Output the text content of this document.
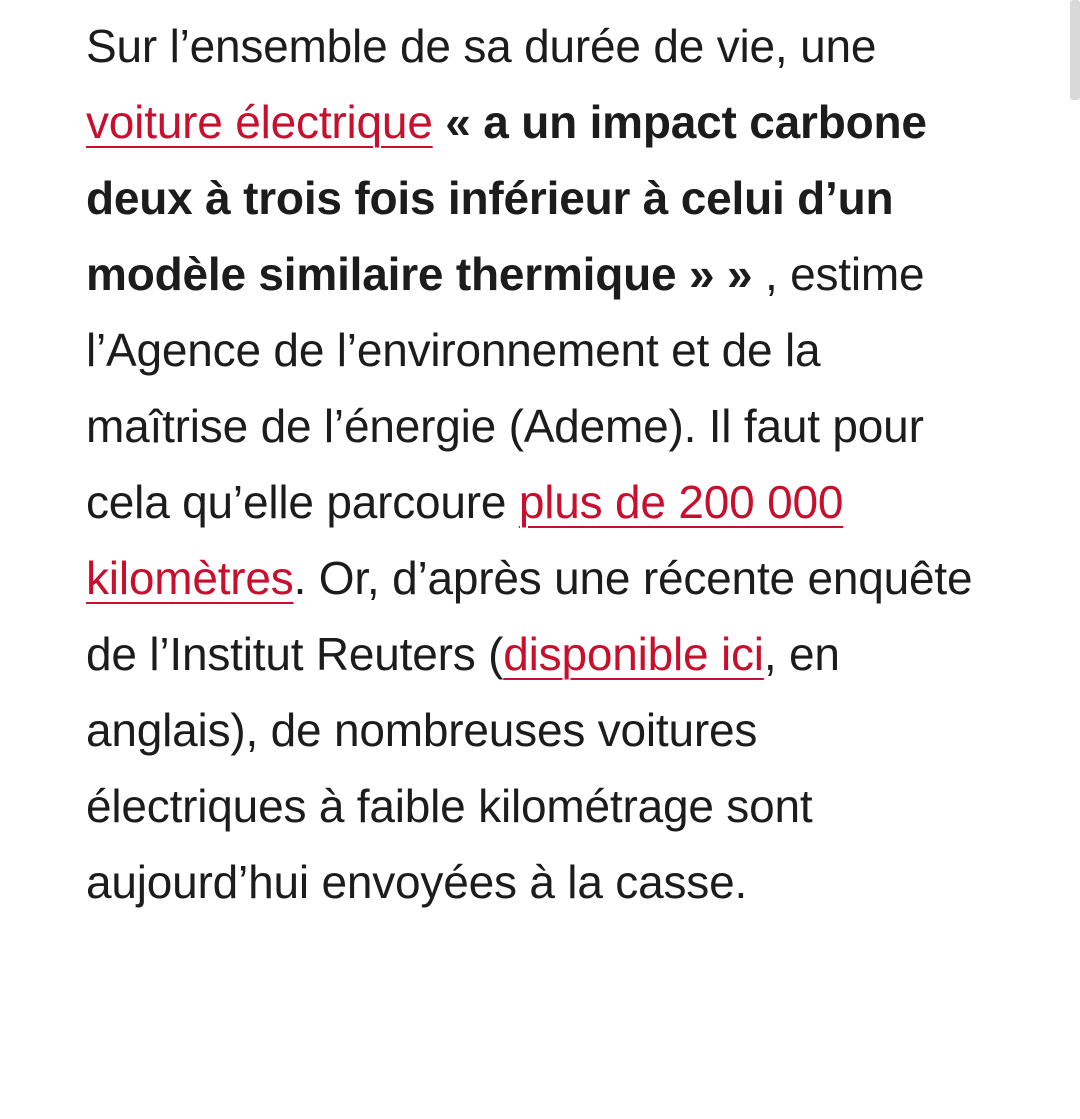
Sur l’ensemble de sa durée de vie, une voiture électrique « a un impact carbone deux à trois fois inférieur à celui d’un modèle similaire thermique » » , estime l’Agence de l’environnement et de la maîtrise de l’énergie (Ademe). Il faut pour cela qu’elle parcoure plus de 200 000 kilomètres. Or, d’après une récente enquête de l’Institut Reuters (disponible ici, en anglais), de nombreuses voitures électriques à faible kilométrage sont aujourd’hui envoyées à la casse.
